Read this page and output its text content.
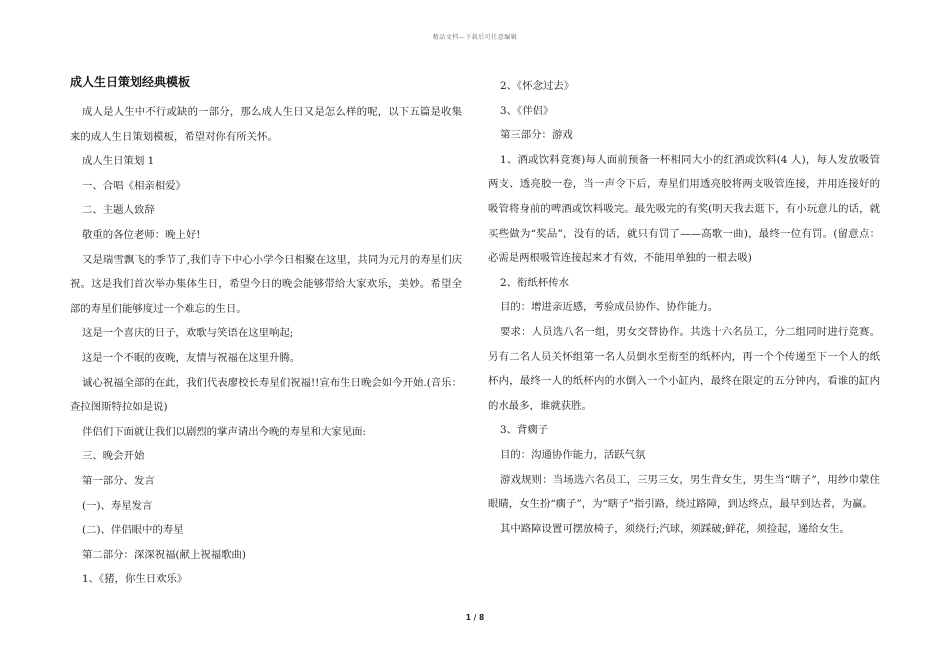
精品文档—下载后可任意编辑
成人生日策划经典模板

成人是人生中不行或缺的一部分，那么成人生日又是怎么样的呢，以下五篇是收集来的成人生日策划模板，希望对你有所关怀。

成人生日策划 1

一、合唱《相亲相爱》

二、主题人致辞

敬重的各位老师：晚上好!

又是瑞雪飘飞的季节了,我们寺下中心小学今日相聚在这里，共同为元月的寿星们庆祝。这是我们首次举办集体生日，希望今日的晚会能够带给大家欢乐，美妙。希望全部的寿星们能够度过一个难忘的生日。

这是一个喜庆的日子，欢歌与笑语在这里响起;

这是一个不眠的夜晚，友情与祝福在这里升腾。

诚心祝福全部的在此，我们代表廖校长寿星们祝福!!宣布生日晚会如今开始.(音乐：查拉图斯特拉如是说)

伴侣们下面就让我们以剧烈的掌声请出今晚的寿星和大家见面:

三、晚会开始

第一部分、发言

(一)、寿星发言

(二)、伴侣眼中的寿星

第二部分：深深祝福(献上祝福歌曲)

1、《猪，你生日欢乐》

2、《怀念过去》

3、《伴侣》

第三部分：游戏

1、酒或饮料竞赛)每人面前预备一杯相同大小的红酒或饮料(4 人)，每人发放吸管两支、透亮胶一卷，当一声令下后，寿星们用透亮胶将两支吸管连接，并用连接好的吸管将身前的啤酒或饮料吸完。最先吸完的有奖(明天我去逛下，有小玩意儿的话，就买些做为“奖品”，没有的话，就只有罚了——高歌一曲)，最终一位有罚。(留意点：必需是两根吸管连接起来才有效，不能用单独的一根去吸)

2、衔纸杯传水

目的：增进亲近感，考验成员协作、协作能力。

要求：人员选八名一组，男女交替协作。共选十六名员工，分二组同时进行竞赛。另有二名人员关怀组第一名人员倒水至衔至的纸杯内，再一个个传递至下一个人的纸杯内，最终一人的纸杯内的水倒入一个小缸内，最终在限定的五分钟内，看谁的缸内的水最多，谁就获胜。

3、背瘸子

目的：沟通协作能力，活跃气氛

游戏规则：当场选六名员工，三男三女，男生背女生，男生当“瞎子”，用纱巾蒙住眼睛，女生扮“瘸子”，为“瞎子”指引路，绕过路障，到达终点，最早到达者，为赢。

其中路障设置可摆放椅子，须绕行;汽球，须踩破;鲜花，须捡起，递给女生。

1 / 8
